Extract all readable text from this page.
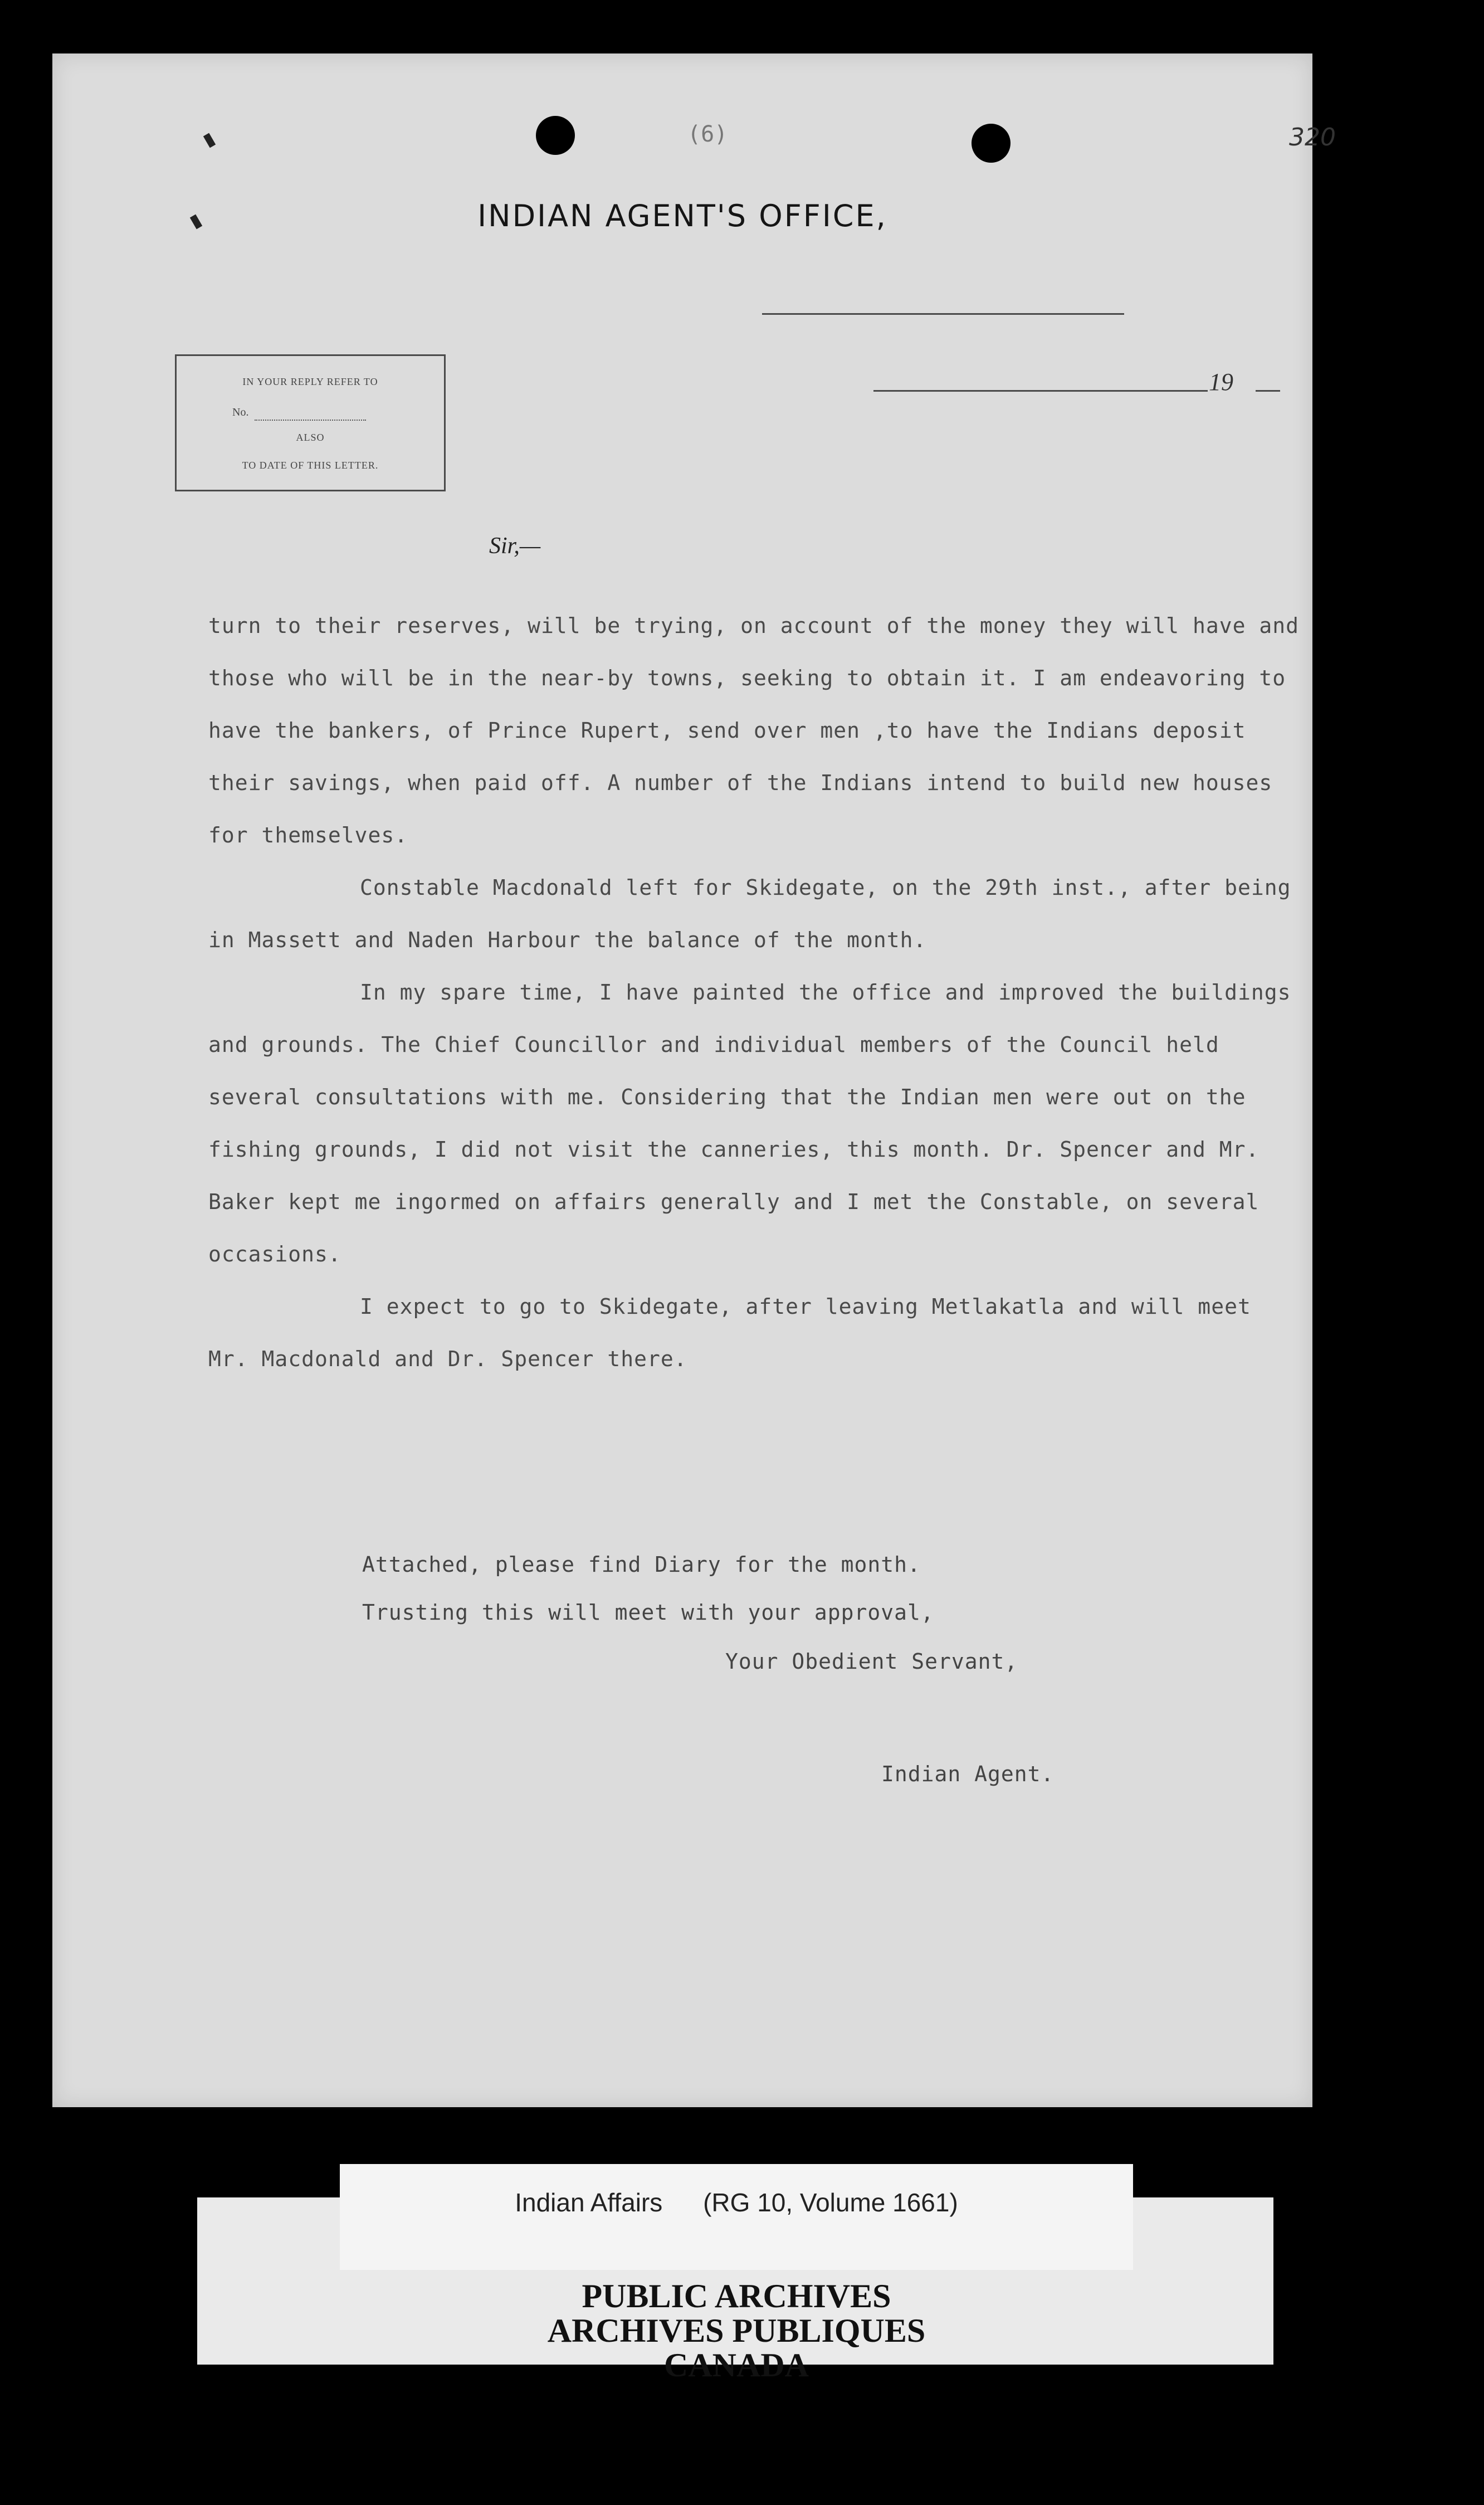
(6)	320
INDIAN AGENT'S OFFICE,
19
IN YOUR REPLY REFER TO
No.
ALSO
TO DATE OF THIS LETTER.
Sir,—

turn to their reserves, will be trying, on account of the money they will have and those who will be in the near-by towns, seeking to obtain it. I am endeavoring to have the bankers, of Prince Rupert, send over men ,to have the Indians deposit their savings, when paid off. A number of the Indians intend to build new houses for themselves.

Constable Macdonald left for Skidegate, on the 29th inst., after being in Massett and Naden Harbour the balance of the month.

In my spare time, I have painted the office and improved the buildings and grounds. The Chief Councillor and individual members of the Council held several consultations with me. Considering that the Indian men were out on the fishing grounds, I did not visit the canneries, this month. Dr. Spencer and Mr. Baker kept me ingormed on affairs generally and I met the Constable, on several occasions.

I expect to go to Skidegate, after leaving Metlakatla and will meet Mr. Macdonald and Dr. Spencer there.

Attached, please find Diary for the month.
Trusting this will meet with your approval,
Your Obedient Servant,
Indian Agent.
Indian Affairs (RG 10, Volume 1661)
PUBLIC ARCHIVES
ARCHIVES PUBLIQUES
CANADA
